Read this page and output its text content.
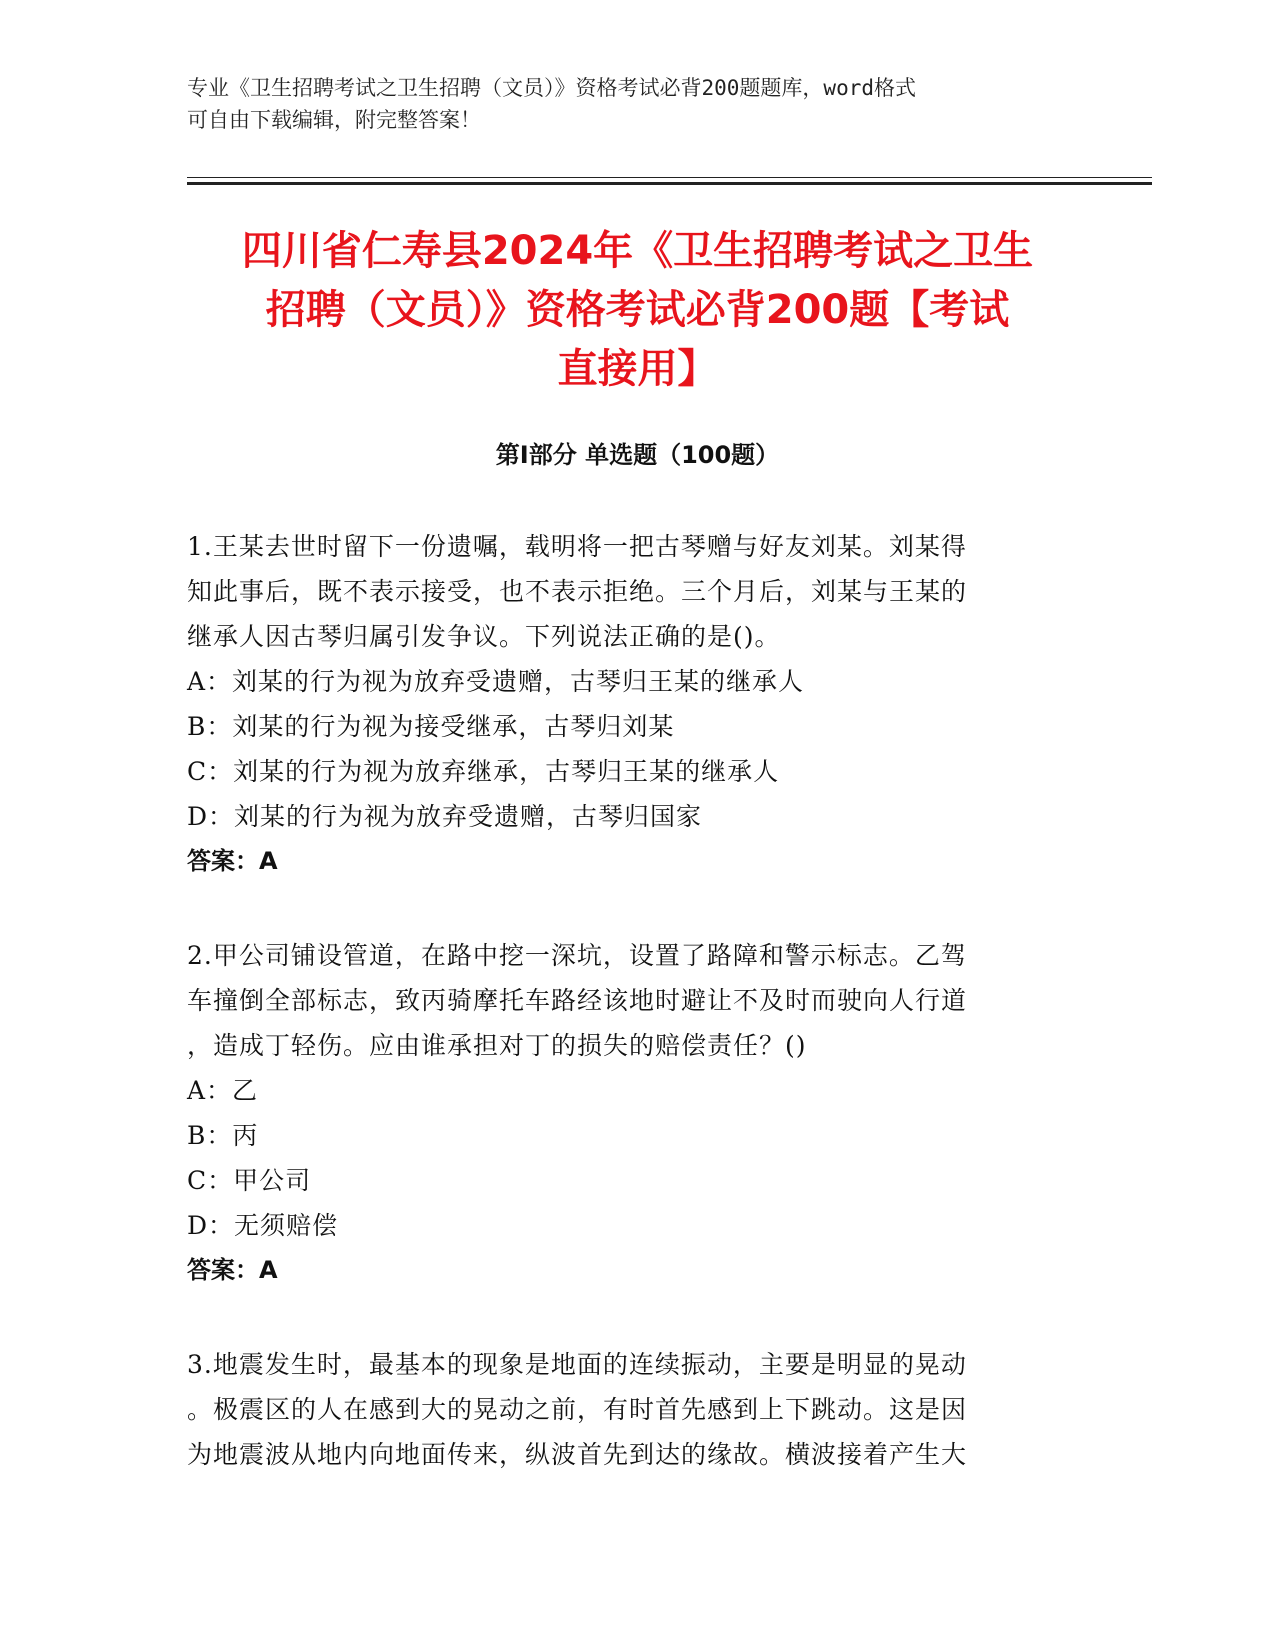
专业《卫生招聘考试之卫生招聘（文员）》资格考试必背200题题库，word格式
可自由下载编辑，附完整答案！
四川省仁寿县2024年《卫生招聘考试之卫生
招聘（文员）》资格考试必背200题【考试
直接用】
第Ⅰ部分 单选题（100题）
1.王某去世时留下一份遗嘱，载明将一把古琴赠与好友刘某。刘某得
知此事后，既不表示接受，也不表示拒绝。三个月后，刘某与王某的
继承人因古琴归属引发争议。下列说法正确的是()。
A：刘某的行为视为放弃受遗赠，古琴归王某的继承人
B：刘某的行为视为接受继承，古琴归刘某
C：刘某的行为视为放弃继承，古琴归王某的继承人
D：刘某的行为视为放弃受遗赠，古琴归国家
答案：A
2.甲公司铺设管道，在路中挖一深坑，设置了路障和警示标志。乙驾
车撞倒全部标志，致丙骑摩托车路经该地时避让不及时而驶向人行道
，造成丁轻伤。应由谁承担对丁的损失的赔偿责任？()
A：乙
B：丙
C：甲公司
D：无须赔偿
答案：A
3.地震发生时，最基本的现象是地面的连续振动，主要是明显的晃动
。极震区的人在感到大的晃动之前，有时首先感到上下跳动。这是因
为地震波从地内向地面传来，纵波首先到达的缘故。横波接着产生大
